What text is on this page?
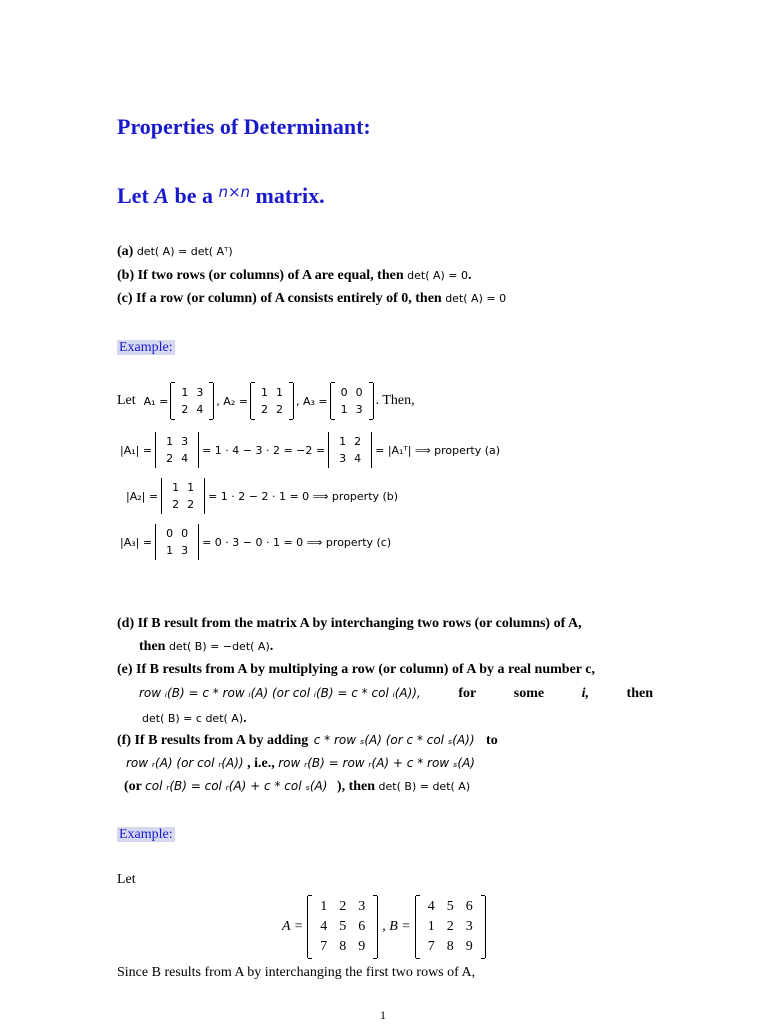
Properties of Determinant:
Let A be a $^{n\times n}$ matrix.
(a) det( A) = det( Aᵀ)
(b) If two rows (or columns) of A are equal, then det( A) = 0.
(c) If a row (or column) of A consists entirely of 0, then det( A) = 0
Example:
Let A₁ =
1	3
2	4
, A₂ =
1	1
2	2
, A₃ =
0	0
1	3
. Then,
|A₁| =
1	3
2	4
= 1 · 4 − 3 · 2 = −2 =
1	2
3	4
= |A₁ᵀ| ⟹ property (a)
|A₂| =
1	1
2	2
= 1 · 2 − 2 · 1 = 0 ⟹ property (b)
|A₃| =
0	0
1	3
= 0 · 3 − 0 · 1 = 0 ⟹ property (c)
(d) If B result from the matrix A by interchanging two rows (or columns) of A,
then det( B) = −det( A).
(e) If B results from A by multiplying a row (or column) of A by a real number c,
row ᵢ(B) = c * row ᵢ(A) (or col ᵢ(B) = c * col ᵢ(A)),	for	some	i,	then
det( B) = c det( A).
(f) If B results from A by adding c * row ₛ(A) (or c * col ₛ(A)) to
row ᵣ(A) (or col ᵣ(A)) , i.e., row ᵣ(B) = row ᵣ(A) + c * row ₛ(A)
(or col ᵣ(B) = col ᵣ(A) + c * col ₛ(A) ), then det( B) = det( A)
Example:
Let
A =
1	2	3
4	5	6
7	8	9
, B =
4	5	6
1	2	3
7	8	9
Since B results from A by interchanging the first two rows of A,
1
